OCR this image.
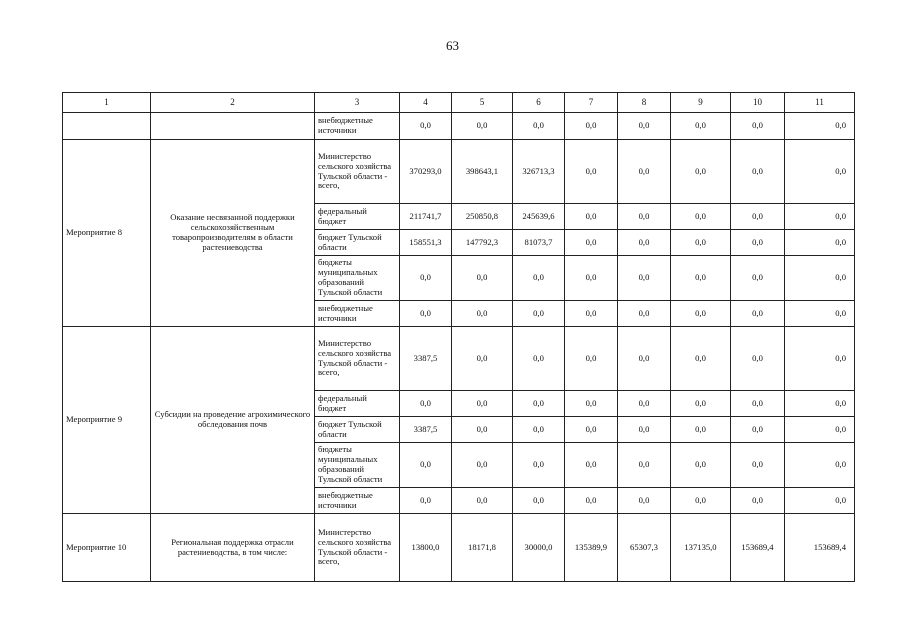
63
1	2	3	4	5	6	7	8	9	10	11
		внебюджетные источники	0,0	0,0	0,0	0,0	0,0	0,0	0,0	0,0
Мероприятие 8	Оказание несвязанной поддержки сельскохозяйственным товаропроизводителям в области растениеводства	Министерство сельского хозяйства Тульской области - всего,	370293,0	398643,1	326713,3	0,0	0,0	0,0	0,0	0,0
		федеральный бюджет	211741,7	250850,8	245639,6	0,0	0,0	0,0	0,0	0,0
		бюджет Тульской области	158551,3	147792,3	81073,7	0,0	0,0	0,0	0,0	0,0
		бюджеты муниципальных образований Тульской области	0,0	0,0	0,0	0,0	0,0	0,0	0,0	0,0
		внебюджетные источники	0,0	0,0	0,0	0,0	0,0	0,0	0,0	0,0
Мероприятие 9	Субсидии на проведение агрохимического обследования почв	Министерство сельского хозяйства Тульской области - всего,	3387,5	0,0	0,0	0,0	0,0	0,0	0,0	0,0
		федеральный бюджет	0,0	0,0	0,0	0,0	0,0	0,0	0,0	0,0
		бюджет Тульской области	3387,5	0,0	0,0	0,0	0,0	0,0	0,0	0,0
		бюджеты муниципальных образований Тульской области	0,0	0,0	0,0	0,0	0,0	0,0	0,0	0,0
		внебюджетные источники	0,0	0,0	0,0	0,0	0,0	0,0	0,0	0,0
Мероприятие 10	Региональная поддержка отрасли растениеводства, в том числе:	Министерство сельского хозяйства Тульской области - всего,	13800,0	18171,8	30000,0	135389,9	65307,3	137135,0	153689,4	153689,4
